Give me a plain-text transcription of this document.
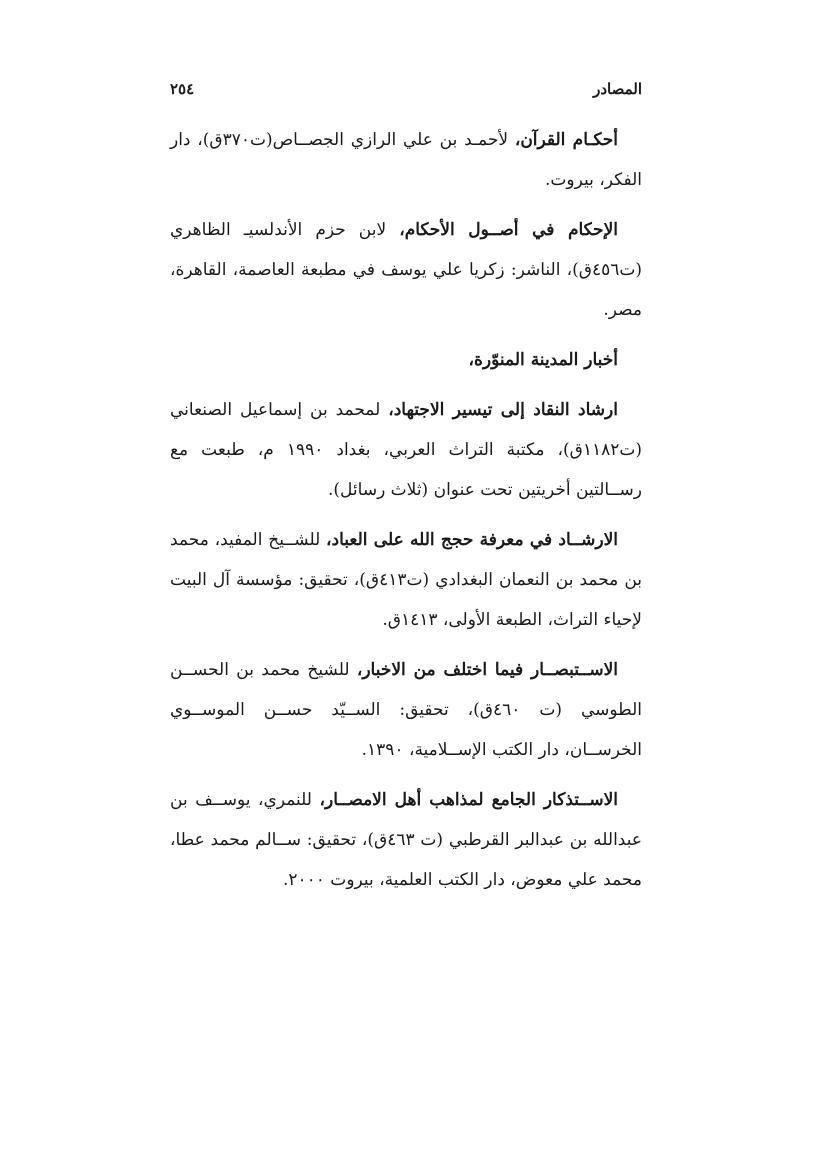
المصادر
٢٥٤

أحكـام القرآن، لأحمـد بن علي الرازي الجصــاص(ت٣٧٠ق)، دار الفكر، بيروت.

الإحكام في أصــول الأحكام، لابن حزم الأندلسيـ الظاهري (ت٤٥٦ق)، الناشر: زكريا علي يوسف في مطبعة العاصمة، القاهرة، مصر.

أخبار المدينة المنوّرة،

ارشاد النقاد إلى تيسير الاجتهاد، لمحمد بن إسماعيل الصنعاني (ت١١٨٢ق)، مكتبة التراث العربي، بغداد ١٩٩٠ م، طبعت مع رســالتين أخريتين تحت عنوان (ثلاث رسائل).

الارشــاد في معرفة حجج الله على العباد، للشــيخ المفيد، محمد بن محمد بن النعمان البغدادي (ت٤١٣ق)، تحقيق: مؤسسة آل البيت لإحياء التراث، الطبعة الأولى، ١٤١٣ق.

الاســتبصــار فيما اختلف من الاخبار، للشيخ محمد بن الحســن الطوسي (ت ٤٦٠ق)، تحقيق: الســيّد حســن الموســوي الخرســان، دار الكتب الإســلامية، ١٣٩٠.

الاســتذكار الجامع لمذاهب أهل الامصــار، للنمري، يوســف بن عبدالله بن عبدالبر القرطبي (ت ٤٦٣ق)، تحقيق: ســالم محمد عطا، محمد علي معوض، دار الكتب العلمية، بيروت ٢٠٠٠.
